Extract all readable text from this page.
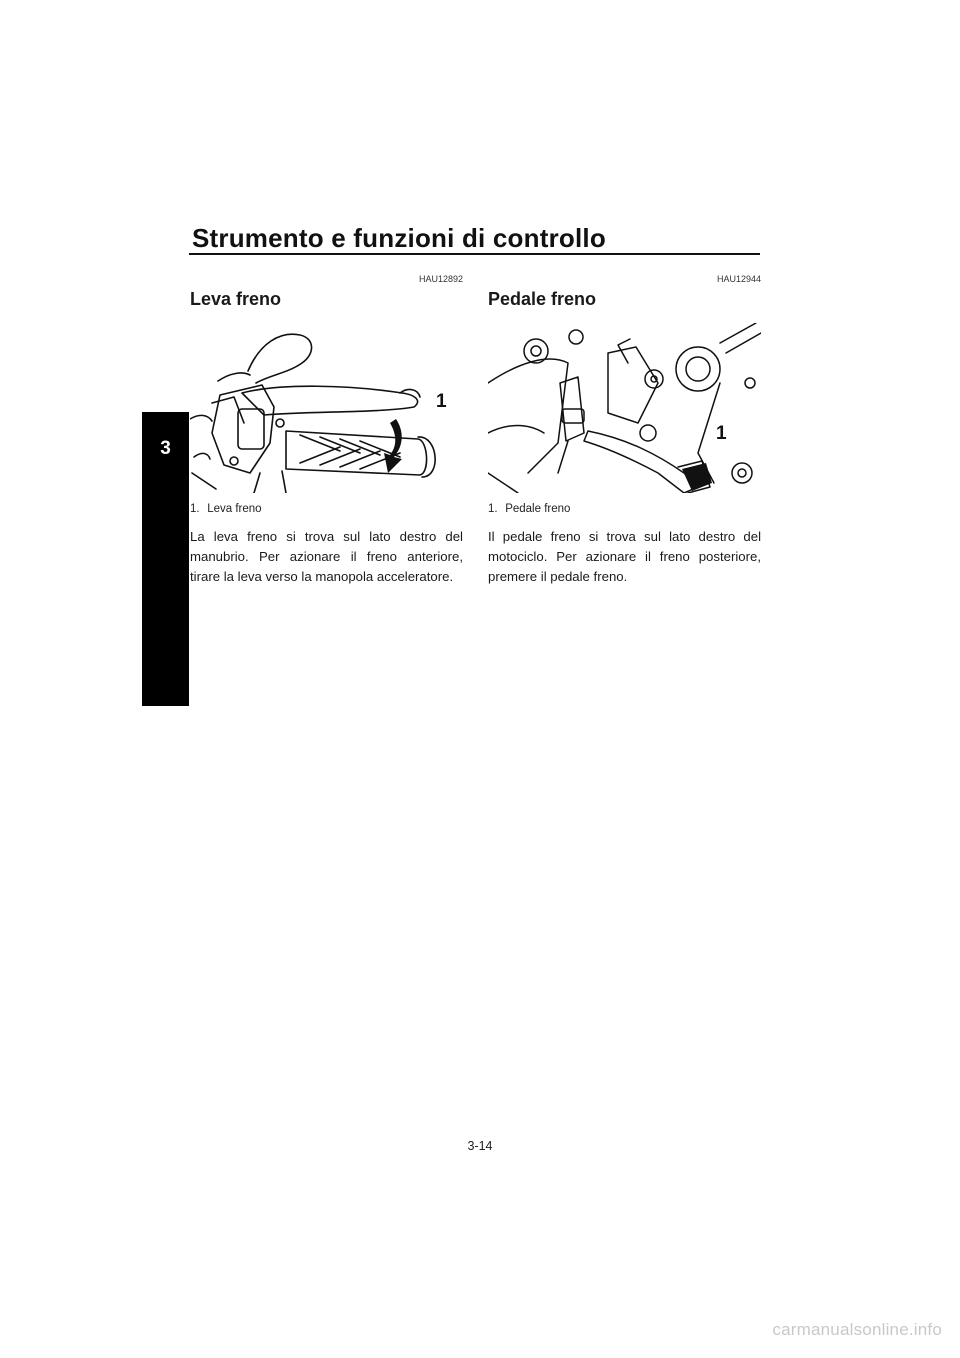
Strumento e funzioni di controllo
3
HAU12892
Leva freno
1
1. Leva freno
La leva freno si trova sul lato destro del manubrio. Per azionare il freno anteriore, tirare la leva verso la manopola acceleratore.
HAU12944
Pedale freno
1
1. Pedale freno
Il pedale freno si trova sul lato destro del motociclo. Per azionare il freno posteriore, premere il pedale freno.
3-14
carmanualsonline.info
